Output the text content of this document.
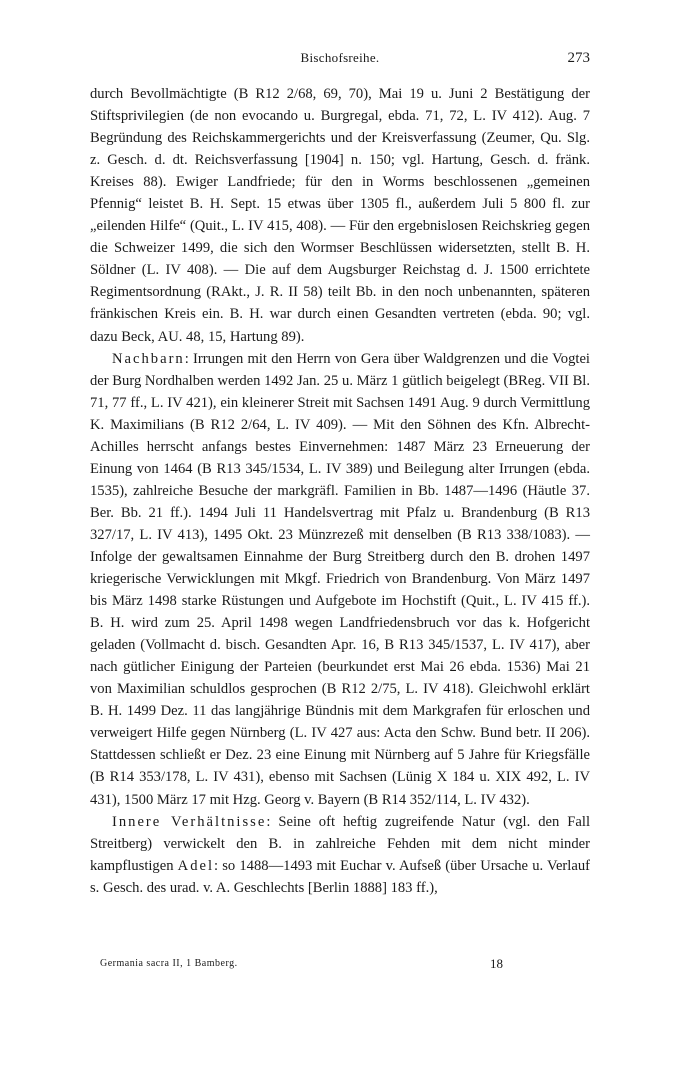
Bischofsreihe.	273

durch Bevollmächtigte (B R12 2/68, 69, 70), Mai 19 u. Juni 2 Bestätigung der Stiftsprivilegien (de non evocando u. Burgregal, ebda. 71, 72, L. IV 412). Aug. 7 Begründung des Reichskammergerichts und der Kreisverfassung (Zeumer, Qu. Slg. z. Gesch. d. dt. Reichsverfassung [1904] n. 150; vgl. Hartung, Gesch. d. fränk. Kreises 88). Ewiger Landfriede; für den in Worms beschlossenen „gemeinen Pfennig“ leistet B. H. Sept. 15 etwas über 1305 fl., außerdem Juli 5 800 fl. zur „eilenden Hilfe“ (Quit., L. IV 415, 408). — Für den ergebnislosen Reichskrieg gegen die Schweizer 1499, die sich den Wormser Beschlüssen widersetzten, stellt B. H. Söldner (L. IV 408). — Die auf dem Augsburger Reichstag d. J. 1500 errichtete Regimentsordnung (RAkt., J. R. II 58) teilt Bb. in den noch unbenannten, späteren fränkischen Kreis ein. B. H. war durch einen Gesandten vertreten (ebda. 90; vgl. dazu Beck, AU. 48, 15, Hartung 89).

Nachbarn: Irrungen mit den Herrn von Gera über Waldgrenzen und die Vogtei der Burg Nordhalben werden 1492 Jan. 25 u. März 1 gütlich beigelegt (BReg. VII Bl. 71, 77 ff., L. IV 421), ein kleinerer Streit mit Sachsen 1491 Aug. 9 durch Vermittlung K. Maximilians (B R12 2/64, L. IV 409). — Mit den Söhnen des Kfn. Albrecht-Achilles herrscht anfangs bestes Einvernehmen: 1487 März 23 Erneuerung der Einung von 1464 (B R13 345/1534, L. IV 389) und Beilegung alter Irrungen (ebda. 1535), zahlreiche Besuche der markgräfl. Familien in Bb. 1487—1496 (Häutle 37. Ber. Bb. 21 ff.). 1494 Juli 11 Handelsvertrag mit Pfalz u. Brandenburg (B R13 327/17, L. IV 413), 1495 Okt. 23 Münzrezeß mit denselben (B R13 338/1083). — Infolge der gewaltsamen Einnahme der Burg Streitberg durch den B. drohen 1497 kriegerische Verwicklungen mit Mkgf. Friedrich von Brandenburg. Von März 1497 bis März 1498 starke Rüstungen und Aufgebote im Hochstift (Quit., L. IV 415 ff.). B. H. wird zum 25. April 1498 wegen Landfriedensbruch vor das k. Hofgericht geladen (Vollmacht d. bisch. Gesandten Apr. 16, B R13 345/1537, L. IV 417), aber nach gütlicher Einigung der Parteien (beurkundet erst Mai 26 ebda. 1536) Mai 21 von Maximilian schuldlos gesprochen (B R12 2/75, L. IV 418). Gleichwohl erklärt B. H. 1499 Dez. 11 das langjährige Bündnis mit dem Markgrafen für erloschen und verweigert Hilfe gegen Nürnberg (L. IV 427 aus: Acta den Schw. Bund betr. II 206). Stattdessen schließt er Dez. 23 eine Einung mit Nürnberg auf 5 Jahre für Kriegsfälle (B R14 353/178, L. IV 431), ebenso mit Sachsen (Lünig X 184 u. XIX 492, L. IV 431), 1500 März 17 mit Hzg. Georg v. Bayern (B R14 352/114, L. IV 432).

Innere Verhältnisse: Seine oft heftig zugreifende Natur (vgl. den Fall Streitberg) verwickelt den B. in zahlreiche Fehden mit dem nicht minder kampflustigen Adel: so 1488—1493 mit Euchar v. Aufseß (über Ursache u. Verlauf s. Gesch. des urad. v. A. Geschlechts [Berlin 1888] 183 ff.),

Germania sacra II, 1 Bamberg.	18
